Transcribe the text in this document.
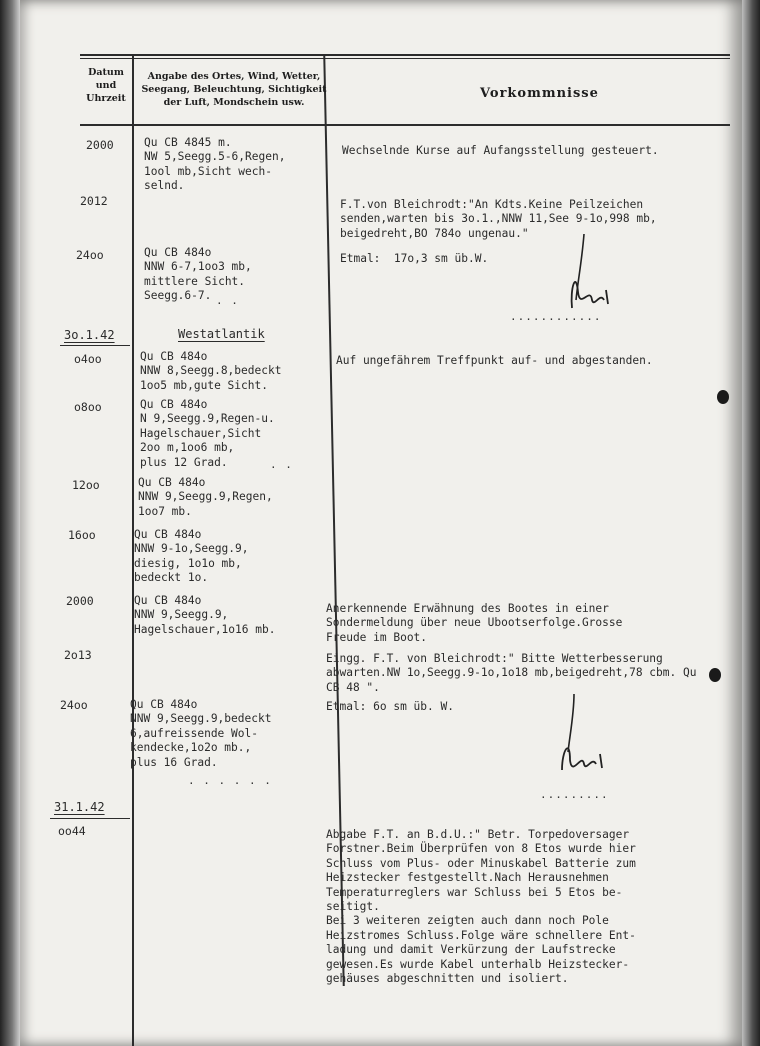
Datum
und
Uhrzeit
Angabe des Ortes, Wind, Wetter,
Seegang, Beleuchtung, Sichtigkeit
der Luft, Mondschein usw.
Vorkommnisse
2000
2012
24oo
3o.1.42
o4oo
o8oo
12oo
16oo
2000
2o13
24oo
31.1.42
oo44
Qu CB 4845 m.
NW 5,Seegg.5-6,Regen,
1ool mb,Sicht wech-
selnd.
Qu CB 484o
NNW 6-7,1oo3 mb,
mittlere Sicht.
Seegg.6-7.
Westatlantik
Qu CB 484o
NNW 8,Seegg.8,bedeckt
1oo5 mb,gute Sicht.
Qu CB 484o
N 9,Seegg.9,Regen-u.
Hagelschauer,Sicht
2oo m,1oo6 mb,
plus 12 Grad.
Qu CB 484o
NNW 9,Seegg.9,Regen,
1oo7 mb.
Qu CB 484o
NNW 9-1o,Seegg.9,
diesig, 1o1o mb,
bedeckt 1o.
Qu CB 484o
NNW 9,Seegg.9,
Hagelschauer,1o16 mb.
Qu CB 484o
NNW 9,Seegg.9,bedeckt
6,aufreissende Wol-
kendecke,1o2o mb.,
plus 16 Grad.
. .
. .
. . . . . .
Wechselnde Kurse auf Aufangsstellung gesteuert.
F.T.von Bleichrodt:"An Kdts.Keine Peilzeichen
senden,warten bis 3o.1.,NNW 11,See 9-1o,998 mb,
beigedreht,BO 784o ungenau."
Etmal:  17o,3 sm üb.W.
Auf ungefährem Treffpunkt auf- und abgestanden.
Anerkennende Erwähnung des Bootes in einer
Sondermeldung über neue Ubootserfolge.Grosse
Freude im Boot.
Eingg. F.T. von Bleichrodt:" Bitte Wetterbesserung abwarten.NW 1o,Seegg.9-1o,1o18 mb,beigedreht,78 cbm. Qu CB 48 ".
Etmal: 6o sm üb. W.
Abgabe F.T. an B.d.U.:" Betr. Torpedoversager
Forstner.Beim Überprüfen von 8 Etos wurde hier
Schluss vom Plus- oder Minuskabel Batterie zum
Heizstecker festgestellt.Nach Herausnehmen
Temperaturreglers war Schluss bei 5 Etos be-
seitigt.
Bei 3 weiteren zeigten auch dann noch Pole
Heizstromes Schluss.Folge wäre schnellere Ent-
ladung und damit Verkürzung der Laufstrecke
gewesen.Es wurde Kabel unterhalb Heizstecker-
gehäuses abgeschnitten und isoliert.
............
.........
